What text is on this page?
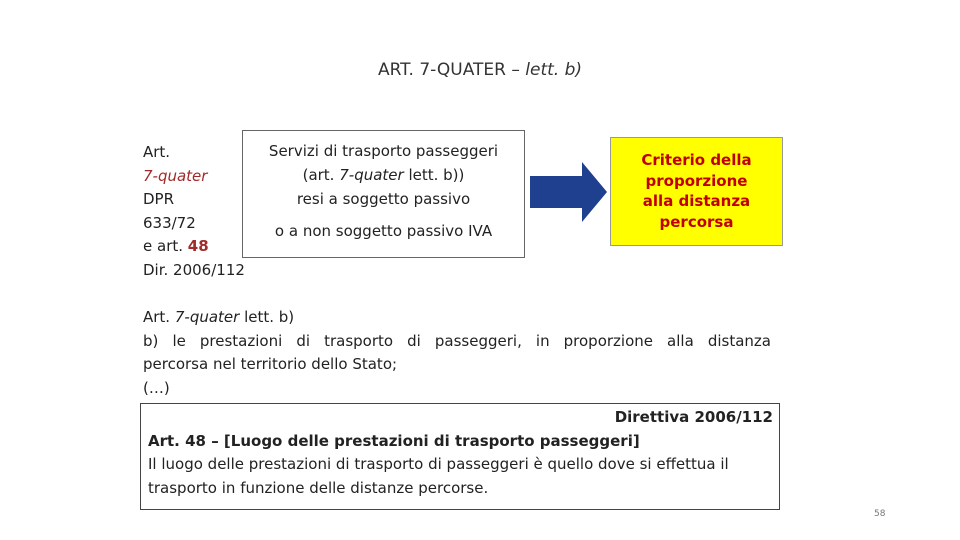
ART. 7-QUATER – lett. b)
Art.
7-quater
DPR
633/72
e art. 48
Dir. 2006/112
Servizi di trasporto passeggeri
(art. 7-quater lett. b))
resi a soggetto passivo
o a non soggetto passivo IVA
Criterio della
proporzione
alla distanza
percorsa
Art. 7-quater lett. b)
b) le prestazioni di trasporto di passeggeri, in proporzione alla distanza
percorsa nel territorio dello Stato;
(…)
Direttiva 2006/112
Art. 48 – [Luogo delle prestazioni di trasporto passeggeri]
Il luogo delle prestazioni di trasporto di passeggeri è quello dove si effettua il
trasporto in funzione delle distanze percorse.
58
